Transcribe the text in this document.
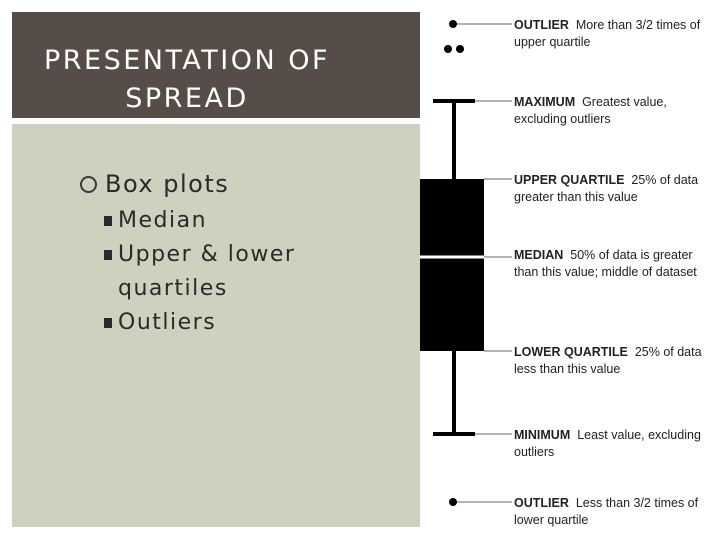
PRESENTATION OF
SPREAD
Box plots
Median
Upper & lower quartiles
Outliers
OUTLIER More than 3/2 times of upper quartile
MAXIMUM Greatest value, excluding outliers
UPPER QUARTILE 25% of data greater than this value
MEDIAN 50% of data is greater than this value; middle of dataset
LOWER QUARTILE 25% of data less than this value
MINIMUM Least value, excluding outliers
OUTLIER Less than 3/2 times of lower quartile
